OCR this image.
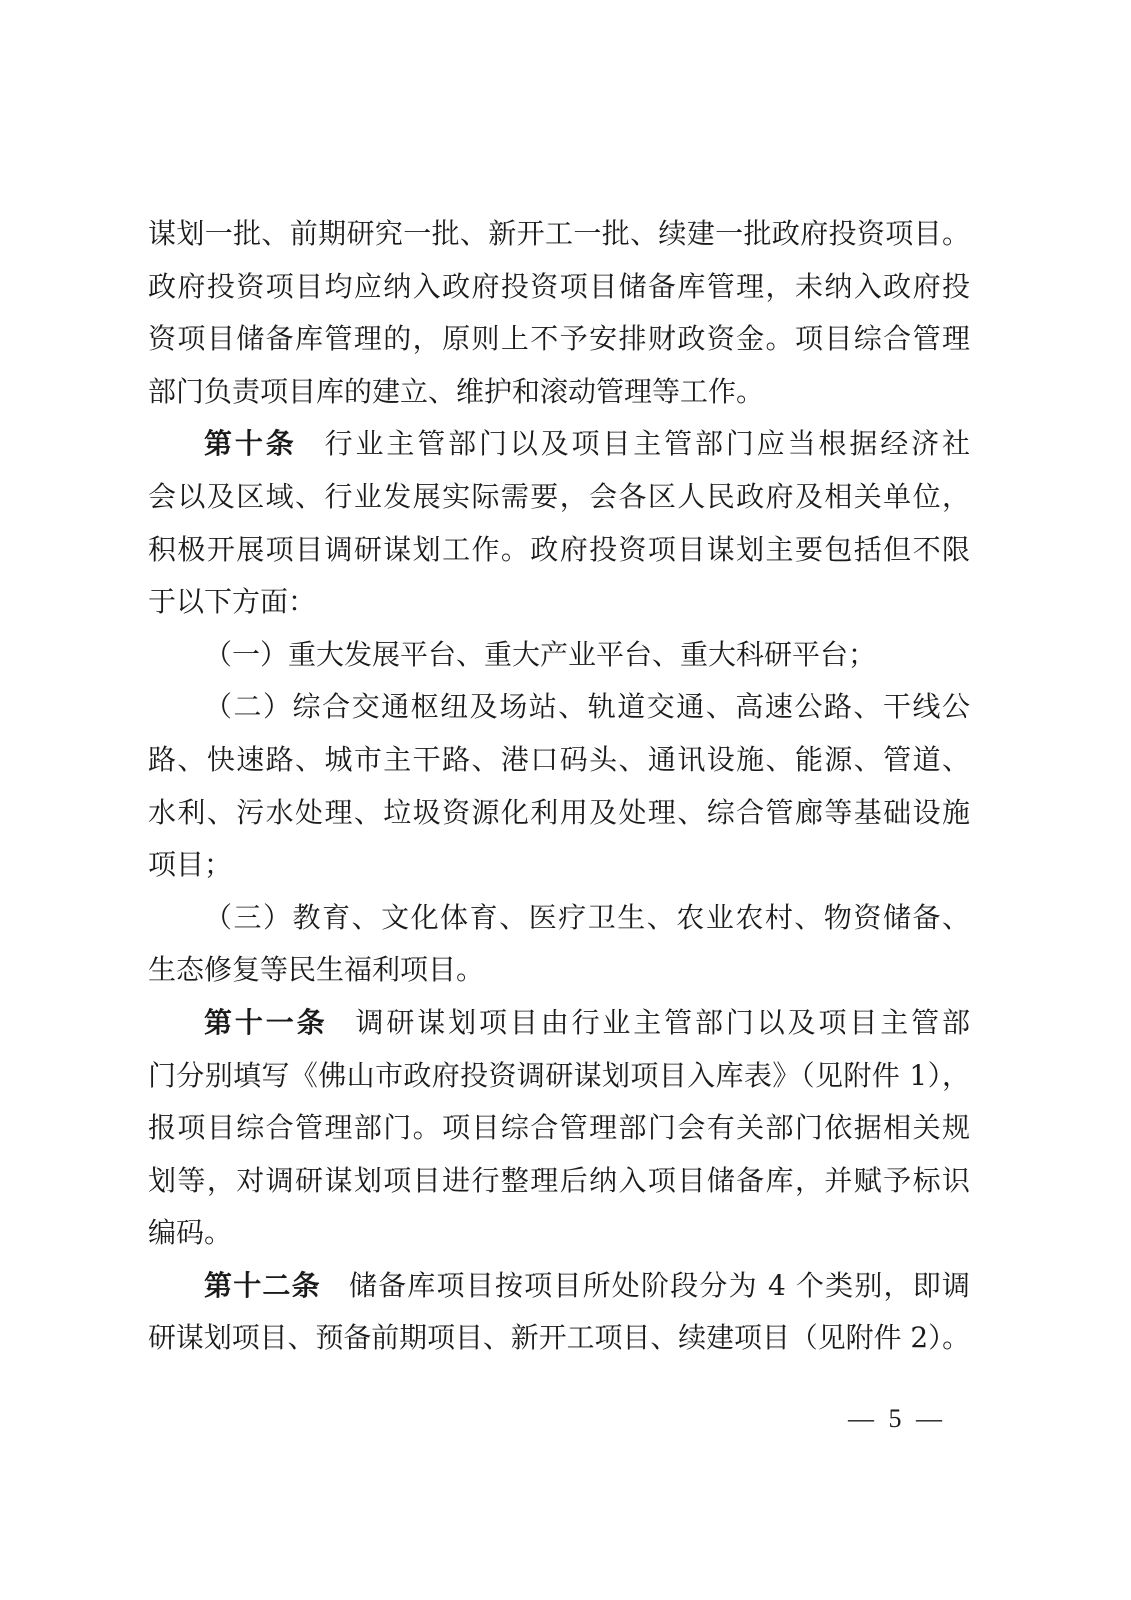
谋划一批、前期研究一批、新开工一批、续建一批政府投资项目。
政府投资项目均应纳入政府投资项目储备库管理，未纳入政府投
资项目储备库管理的，原则上不予安排财政资金。项目综合管理
部门负责项目库的建立、维护和滚动管理等工作。
第十条 行业主管部门以及项目主管部门应当根据经济社
会以及区域、行业发展实际需要，会各区人民政府及相关单位，
积极开展项目调研谋划工作。政府投资项目谋划主要包括但不限
于以下方面：
（一）重大发展平台、重大产业平台、重大科研平台；
（二）综合交通枢纽及场站、轨道交通、高速公路、干线公
路、快速路、城市主干路、港口码头、通讯设施、能源、管道、
水利、污水处理、垃圾资源化利用及处理、综合管廊等基础设施
项目；
（三）教育、文化体育、医疗卫生、农业农村、物资储备、
生态修复等民生福利项目。
第十一条 调研谋划项目由行业主管部门以及项目主管部
门分别填写《佛山市政府投资调研谋划项目入库表》（见附件 1），
报项目综合管理部门。项目综合管理部门会有关部门依据相关规
划等，对调研谋划项目进行整理后纳入项目储备库，并赋予标识
编码。
第十二条 储备库项目按项目所处阶段分为 4 个类别，即调
研谋划项目、预备前期项目、新开工项目、续建项目（见附件 2）。
— 5 —
